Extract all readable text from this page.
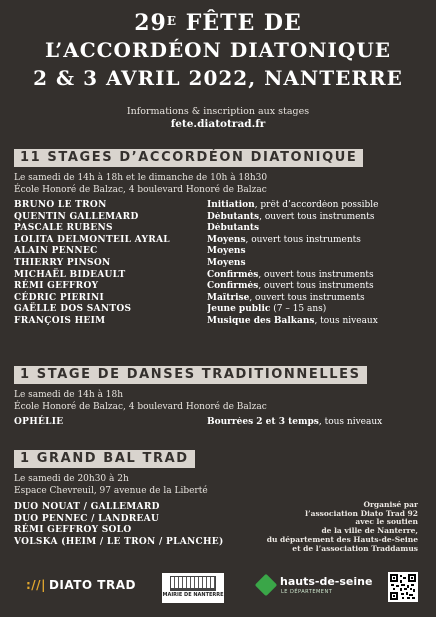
$29^E$ FÊTE DE
L’ACCORDÉON DIATONIQUE
2 & 3 AVRIL 2022, NANTERRE
Informations & inscription aux stages
fete.diatotrad.fr
11 STAGES D’ACCORDÉON DIATONIQUE
Le samedi de 14h à 18h et le dimanche de 10h à 18h30
École Honoré de Balzac, 4 boulevard Honoré de Balzac
BRUNO LE TRON	Initiation, prêt d’accordéon possible
QUENTIN GALLEMARD	Débutants, ouvert tous instruments
PASCALE RUBENS	Débutants
LOLITA DELMONTEIL AYRAL	Moyens, ouvert tous instruments
ALAIN PENNEC	Moyens
THIERRY PINSON	Moyens
MICHAËL BIDEAULT	Confirmés, ouvert tous instruments
RÉMI GEFFROY	Confirmés, ouvert tous instruments
CÉDRIC PIERINI	Maîtrise, ouvert tous instruments
GAËLLE DOS SANTOS	Jeune public (7 – 15 ans)
FRANÇOIS HEIM	Musique des Balkans, tous niveaux
1 STAGE DE DANSES TRADITIONNELLES
Le samedi de 14h à 18h
École Honoré de Balzac, 4 boulevard Honoré de Balzac
OPHÉLIE	Bourrées 2 et 3 temps, tous niveaux
1 GRAND BAL TRAD
Le samedi de 20h30 à 2h
Espace Chevreuil, 97 avenue de la Liberté
DUO NOUAT / GALLEMARD
DUO PENNEC / LANDREAU
RÉMI GEFFROY SOLO
VOLSKA (HEIM / LE TRON / PLANCHE)
Organisé par
l’association Diato Trad 92
avec le soutien
de la ville de Nanterre,
du département des Hauts-de-Seine
et de l’association Traddamus
://| DIATO TRAD
MAIRIE DE NANTERRE
hauts-de-seine
LE DÉPARTEMENT
